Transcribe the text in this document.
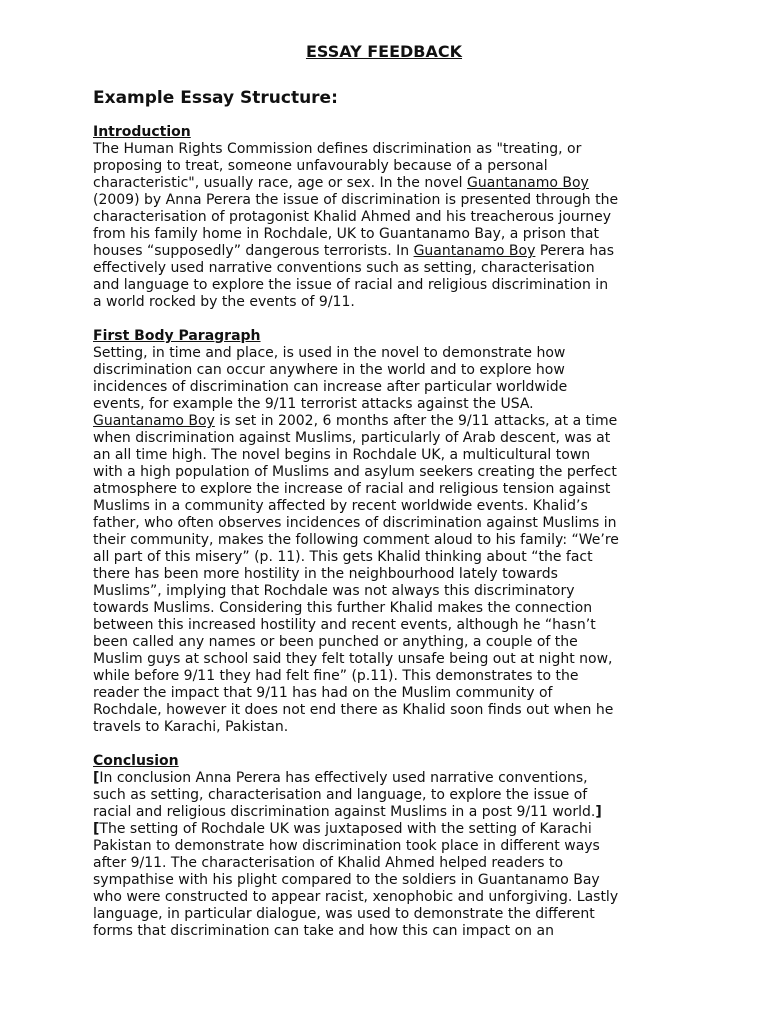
ESSAY FEEDBACK
Example Essay Structure:
Introduction
The Human Rights Commission defines discrimination as "treating, or
proposing to treat, someone unfavourably because of a personal
characteristic", usually race, age or sex. In the novel Guantanamo Boy
(2009) by Anna Perera the issue of discrimination is presented through the
characterisation of protagonist Khalid Ahmed and his treacherous journey
from his family home in Rochdale, UK to Guantanamo Bay, a prison that
houses “supposedly” dangerous terrorists. In Guantanamo Boy Perera has
effectively used narrative conventions such as setting, characterisation
and language to explore the issue of racial and religious discrimination in
a world rocked by the events of 9/11.
First Body Paragraph
Setting, in time and place, is used in the novel to demonstrate how
discrimination can occur anywhere in the world and to explore how
incidences of discrimination can increase after particular worldwide
events, for example the 9/11 terrorist attacks against the USA.
Guantanamo Boy is set in 2002, 6 months after the 9/11 attacks, at a time
when discrimination against Muslims, particularly of Arab descent, was at
an all time high. The novel begins in Rochdale UK, a multicultural town
with a high population of Muslims and asylum seekers creating the perfect
atmosphere to explore the increase of racial and religious tension against
Muslims in a community affected by recent worldwide events. Khalid’s
father, who often observes incidences of discrimination against Muslims in
their community, makes the following comment aloud to his family: “We’re
all part of this misery” (p. 11). This gets Khalid thinking about “the fact
there has been more hostility in the neighbourhood lately towards
Muslims”, implying that Rochdale was not always this discriminatory
towards Muslims. Considering this further Khalid makes the connection
between this increased hostility and recent events, although he “hasn’t
been called any names or been punched or anything, a couple of the
Muslim guys at school said they felt totally unsafe being out at night now,
while before 9/11 they had felt fine” (p.11). This demonstrates to the
reader the impact that 9/11 has had on the Muslim community of
Rochdale, however it does not end there as Khalid soon finds out when he
travels to Karachi, Pakistan.
Conclusion
[In conclusion Anna Perera has effectively used narrative conventions,
such as setting, characterisation and language, to explore the issue of
racial and religious discrimination against Muslims in a post 9/11 world.]
[The setting of Rochdale UK was juxtaposed with the setting of Karachi
Pakistan to demonstrate how discrimination took place in different ways
after 9/11. The characterisation of Khalid Ahmed helped readers to
sympathise with his plight compared to the soldiers in Guantanamo Bay
who were constructed to appear racist, xenophobic and unforgiving. Lastly
language, in particular dialogue, was used to demonstrate the different
forms that discrimination can take and how this can impact on an
